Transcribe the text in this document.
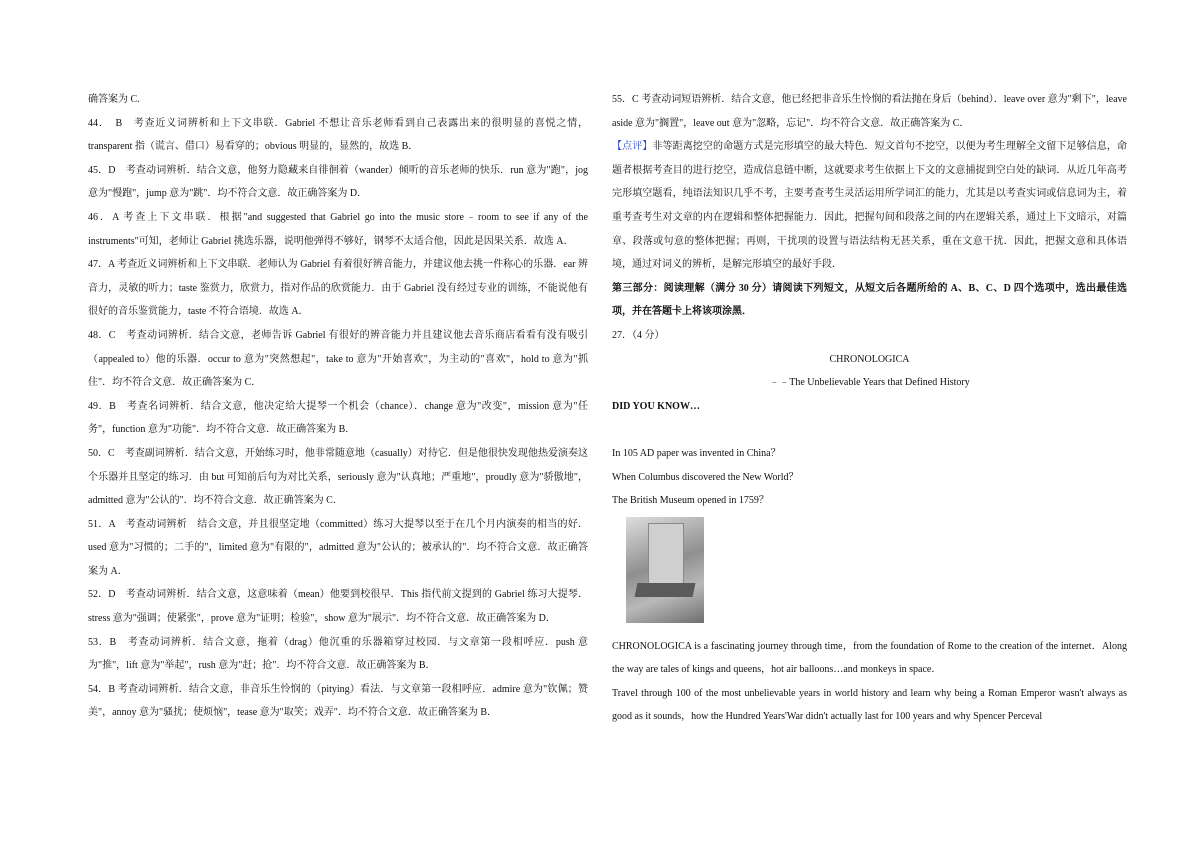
确答案为 C.
44．　B　考查近义词辨析和上下文串联．Gabriel 不想让音乐老师看到自己表露出来的很明显的喜悦之情，transparent 指（谎言、借口）易看穿的；obvious 明显的，显然的，故选 B．
45．D　考查动词辨析．结合文意，他努力隐藏来自徘徊着（wander）倾听的音乐老师的快乐．run 意为"跑"，jog 意为"慢跑"，jump 意为"跳"．均不符合文意．故正确答案为 D．
46．A 考查上下文串联．根据"and suggested that Gabriel go into the music store﹣room to see if any of the instruments"可知，老师让 Gabriel 挑选乐器，说明他弹得不够好，钢琴不太适合他，因此是因果关系．故选 A．
47．A 考查近义词辨析和上下文串联．老师认为 Gabriel 有着很好辨音能力，并建议他去挑一件称心的乐器．ear 辨音力，灵敏的听力；taste 鉴赏力，欣赏力，指对作品的欣赏能力．由于 Gabriel 没有经过专业的训练，不能说他有很好的音乐鉴赏能力，taste 不符合语境．故选 A．
48．C　考查动词辨析．结合文意，老师告诉 Gabriel 有很好的辨音能力并且建议他去音乐商店看看有没有吸引（appealed to）他的乐器．occur to 意为"突然想起"，take to 意为"开始喜欢"，为主动的"喜欢"，hold to 意为"抓住"．均不符合文意．故正确答案为 C．
49．B　考查名词辨析．结合文意，他决定给大提琴一个机会（chance）．change 意为"改变"，mission 意为"任务"，function 意为"功能"．均不符合文意．故正确答案为 B．
50．C　考查副词辨析．结合文意，开始练习时，他非常随意地（casually）对待它．但是他很快发现他热爱演奏这个乐器并且坚定的练习．由 but 可知前后句为对比关系，seriously 意为"认真地；严重地"，proudly 意为"骄傲地"，admitted 意为"公认的"．均不符合文意．故正确答案为 C．
51．A　考查动词辨析　结合文意，并且很坚定地（committed）练习大提琴以至于在几个月内演奏的相当的好．used 意为"习惯的；二手的"，limited 意为"有限的"，admitted 意为"公认的；被承认的"．均不符合文意．故正确答案为 A．
52．D　考查动词辨析．结合文意，这意味着（mean）他要到校很早．This 指代前文提到的 Gabriel 练习大提琴．stress 意为"强调；使紧张"，prove 意为"证明；检验"，show 意为"展示"．均不符合文意．故正确答案为 D．
53．B　考查动词辨析．结合文意，拖着（drag）他沉重的乐器箱穿过校园．与文章第一段相呼应．push 意为"推"，lift 意为"举起"，rush 意为"赶；抢"．均不符合文意．故正确答案为 B．
54．B 考查动词辨析．结合文意，非音乐生怜悯的（pitying）看法．与文章第一段相呼应．admire 意为"钦佩；赞美"，annoy 意为"骚扰；使烦恼"，tease 意为"取笑；戏弄"．均不符合文意．故正确答案为 B．
55．C 考查动词短语辨析．结合文意，他已经把非音乐生怜悯的看法抛在身后（behind）．leave over 意为"剩下"，leave aside 意为"搁置"，leave out 意为"忽略，忘记"．均不符合文意．故正确答案为 C．
【点评】非等距离挖空的命题方式是完形填空的最大特色．短文首句不挖空，以便为考生理解全文留下足够信息，命题者根据考查目的进行挖空，造成信息链中断，这就要求考生依据上下文的文意捕捉到空白处的缺词．从近几年高考完形填空题看，纯语法知识几乎不考，主要考查考生灵活运用所学词汇的能力，尤其是以考查实词或信息词为主，着重考查考生对文章的内在逻辑和整体把握能力．因此，把握句间和段落之间的内在逻辑关系，通过上下文暗示，对篇章、段落或句意的整体把握；再则，干扰项的设置与语法结构无甚关系，重在文意干扰．因此，把握文意和具体语境，通过对词义的辨析，是解完形填空的最好手段．
第三部分：阅读理解（满分 30 分）请阅读下列短文，从短文后各题所给的 A、B、C、D 四个选项中，选出最佳选项，并在答题卡上将该项涂黑．
27．（4 分）
CHRONOLOGICA
﹣﹣The Unbelievable Years that Defined History
DID YOU KNOW…
In 105 AD paper was invented in China？
When Columbus discovered the New World？
The British Museum opened in 1759？
CHRONOLOGICA is a fascinating journey through time，from the foundation of Rome to the creation of the internet．Along the way are tales of kings and queens，hot air balloons…and monkeys in space．
Travel through 100 of the most unbelievable years in world history and learn why being a Roman Emperor wasn't always as good as it sounds，how the Hundred Years'War didn't actually last for 100 years and why Spencer Perceval
